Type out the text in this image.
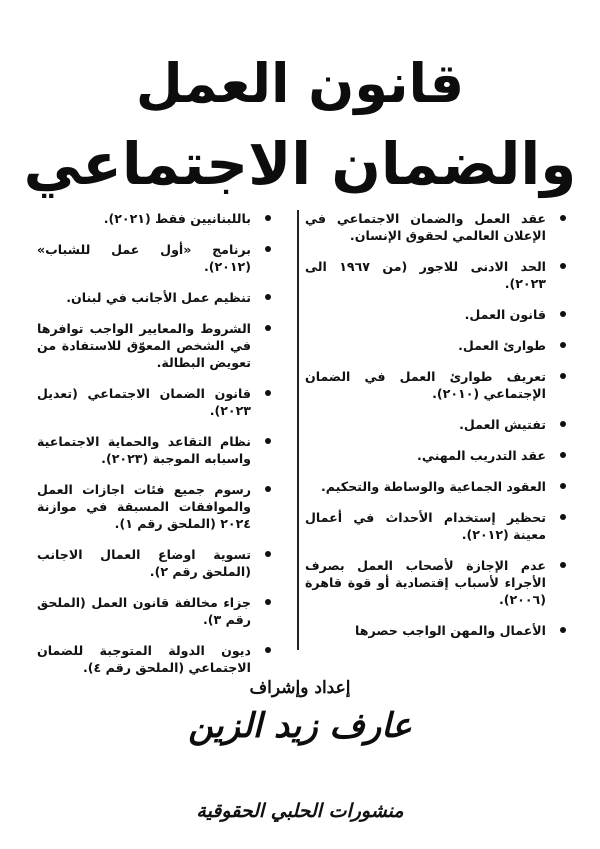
قانون العمل
والضمان الاجتماعي
عقد العمل والضمان الاجتماعي في الإعلان العالمي لحقوق الإنسان.
الحد الادنى للاجور (من ١٩٦٧ الى ٢٠٢٣).
قانون العمل.
طوارئ العمل.
تعريف طوارئ العمل في الضمان الإجتماعي (٢٠١٠).
تفتيش العمل.
عقد التدريب المهني.
العقود الجماعية والوساطة والتحكيم.
تحظير إستخدام الأحداث في أعمال معينة (٢٠١٢).
عدم الإجازة لأصحاب العمل بصرف الأجراء لأسباب إقتصادية أو قوة قاهرة (٢٠٠٦).
الأعمال والمهن الواجب حصرها
باللبنانيين فقط (٢٠٢١).
برنامج «أول عمل للشباب» (٢٠١٢).
تنظيم عمل الأجانب في لبنان.
الشروط والمعايير الواجب توافرها في الشخص المعوّق للاستفادة من تعويض البطالة.
قانون الضمان الاجتماعي (تعديل ٢٠٢٣).
نظام التقاعد والحماية الاجتماعية واسبابه الموجبة (٢٠٢٣).
رسوم جميع فئات اجازات العمل والموافقات المسبقة في موازنة ٢٠٢٤ (الملحق رقم ١).
تسوية اوضاع العمال الاجانب (الملحق رقم ٢).
جزاء مخالفة قانون العمل (الملحق رقم ٣).
ديون الدولة المتوجبة للضمان الاجتماعي (الملحق رقم ٤).
إعداد وإشراف
عارف زيد الزين
منشورات الحلبي الحقوقية
